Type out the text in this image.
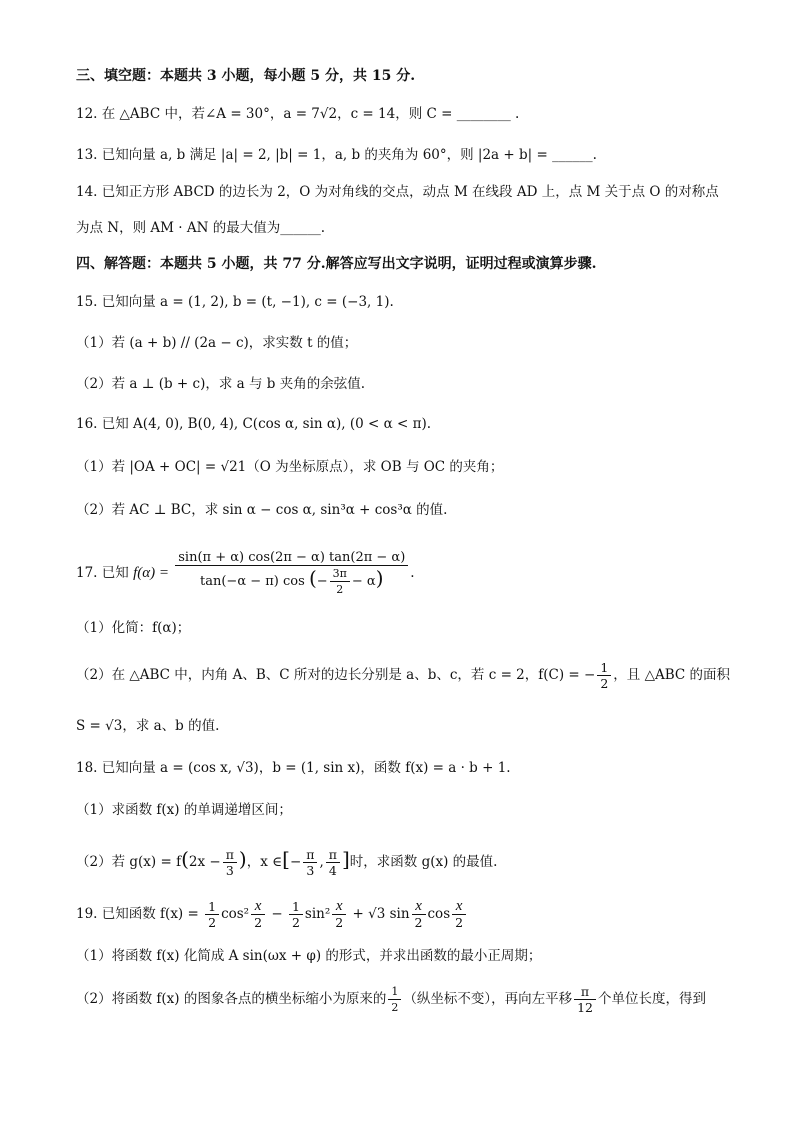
三、填空题：本题共 3 小题，每小题 5 分，共 15 分.
12. 在 △ABC 中，若∠A = 30°，a = 7√2，c = 14，则 C = ________ .
13. 已知向量 a, b 满足 |a| = 2, |b| = 1，a, b 的夹角为 60°，则 |2a + b| = ______.
14. 已知正方形 ABCD 的边长为 2，O 为对角线的交点，动点 M 在线段 AD 上，点 M 关于点 O 的对称点
为点 N，则 AM · AN 的最大值为______.
四、解答题：本题共 5 小题，共 77 分.解答应写出文字说明，证明过程或演算步骤.
15. 已知向量 a = (1, 2), b = (t, −1), c = (−3, 1).
（1）若 (a + b) // (2a − c)，求实数 t 的值；
（2）若 a ⊥ (b + c)，求 a 与 b 夹角的余弦值.
16. 已知 A(4, 0), B(0, 4), C(cos α, sin α), (0 < α < π).
（1）若 |OA + OC| = √21（O 为坐标原点），求 OB 与 OC 的夹角；
（2）若 AC ⊥ BC，求 sin α − cos α, sin³α + cos³α 的值.
17. 已知 $f(\alpha) = \frac{\sin(\pi + \alpha) \cos(2\pi - \alpha) \tan(2\pi - \alpha)}{\tan(-\alpha - \pi) \cos (- \frac{3\pi}{2} - \alpha)}$ .
（1）化简：f(α)；
（2）在 △ABC 中，内角 A、B、C 所对的边长分别是 a、b、c，若 c = 2，f(C) = − $\frac{1}{2}$ ，且 △ABC 的面积
S = √3，求 a、b 的值.
18. 已知向量 a = (cos x, √3)，b = (1, sin x)，函数 f(x) = a · b + 1.
（1）求函数 f(x) 的单调递增区间；
（2）若 $g(x) = f(2x - \frac{\pi}{3}$ )，x ∈[− $\frac{\pi}{3}$ , $\frac{\pi}{4}$ ]时，求函数 g(x) 的最值.
19. 已知函数 $f(x) = \frac{1}{2} \cos^2 \frac{x}{2} - \frac{1}{2} \sin^2 \frac{x}{2} + √3$ $\sin \frac{x}{2}$ $\cos \frac{x}{2}$
（1）将函数 f(x) 化简成 A sin(ωx + φ) 的形式，并求出函数的最小正周期；
（2）将函数 f(x) 的图象各点的横坐标缩小为原来的 $\frac{1}{2}$ （纵坐标不变），再向左平移 $\frac{\pi}{12}$ 个单位长度，得到
